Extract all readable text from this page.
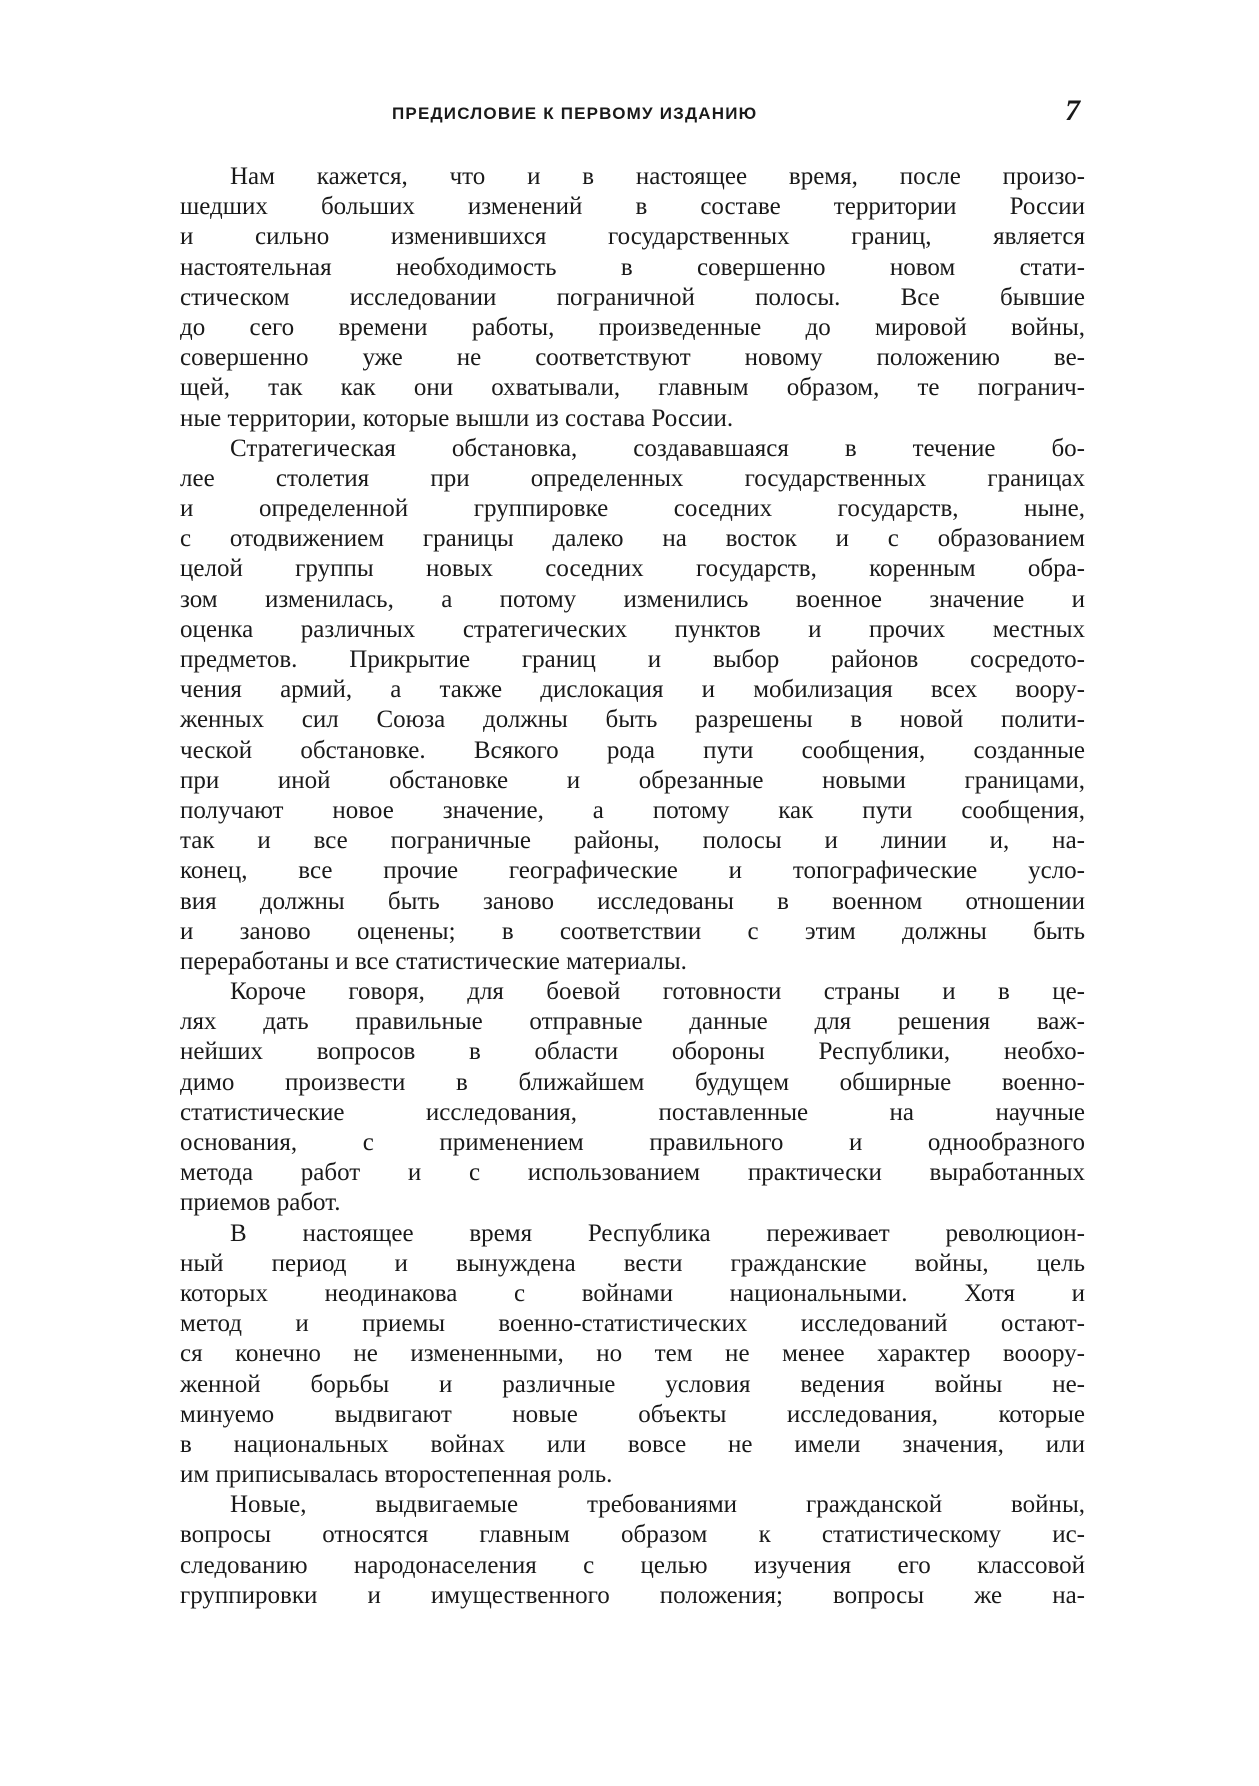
ПРЕДИСЛОВИЕ К ПЕРВОМУ ИЗДАНИЮ	7
Нам кажется, что и в настоящее время, после произо-
шедших больших изменений в составе территории России
и сильно изменившихся государственных границ, является
настоятельная необходимость в совершенно новом стати-
стическом исследовании пограничной полосы. Все бывшие
до сего времени работы, произведенные до мировой войны,
совершенно уже не соответствуют новому положению ве-
щей, так как они охватывали, главным образом, те погранич-
ные территории, которые вышли из состава России.
Стратегическая обстановка, создававшаяся в течение бо-
лее столетия при определенных государственных границах
и определенной группировке соседних государств, ныне,
с отодвижением границы далеко на восток и с образованием
целой группы новых соседних государств, коренным обра-
зом изменилась, а потому изменились военное значение и
оценка различных стратегических пунктов и прочих местных
предметов. Прикрытие границ и выбор районов сосредото-
чения армий, а также дислокация и мобилизация всех воору-
женных сил Союза должны быть разрешены в новой полити-
ческой обстановке. Всякого рода пути сообщения, созданные
при иной обстановке и обрезанные новыми границами,
получают новое значение, а потому как пути сообщения,
так и все пограничные районы, полосы и линии и, на-
конец, все прочие географические и топографические усло-
вия должны быть заново исследованы в военном отношении
и заново оценены; в соответствии с этим должны быть
переработаны и все статистические материалы.
Короче говоря, для боевой готовности страны и в це-
лях дать правильные отправные данные для решения важ-
нейших вопросов в области обороны Республики, необхо-
димо произвести в ближайшем будущем обширные военно-
статистические исследования, поставленные на научные
основания, с применением правильного и однообразного
метода работ и с использованием практически выработанных
приемов работ.
В настоящее время Республика переживает революцион-
ный период и вынуждена вести гражданские войны, цель
которых неодинакова с войнами национальными. Хотя и
метод и приемы военно-статистических исследований остают-
ся конечно не измененными, но тем не менее характер вооору-
женной борьбы и различные условия ведения войны не-
минуемо выдвигают новые объекты исследования, которые
в национальных войнах или вовсе не имели значения, или
им приписывалась второстепенная роль.
Новые, выдвигаемые требованиями гражданской войны,
вопросы относятся главным образом к статистическому ис-
следованию народонаселения с целью изучения его классовой
группировки и имущественного положения; вопросы же на-
